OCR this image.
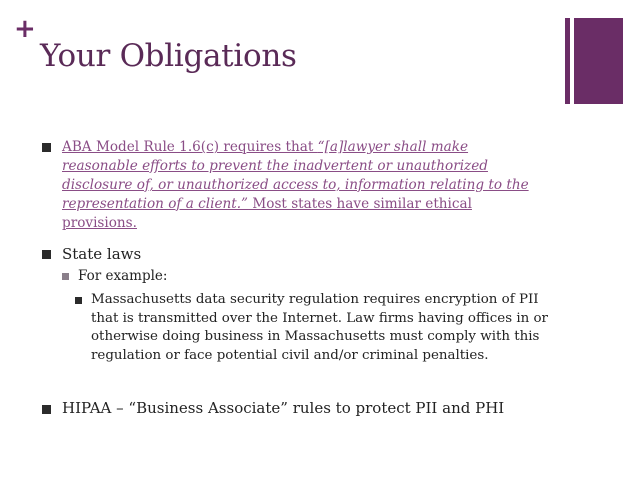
+
Your Obligations
ABA Model Rule 1.6(c) requires that “[a]lawyer shall make reasonable efforts to prevent the inadvertent or unauthorized disclosure of, or unauthorized access to, information relating to the representation of a client.” Most states have similar ethical provisions.
State laws
For example:
Massachusetts data security regulation requires encryption of PII that is transmitted over the Internet. Law firms having offices in or otherwise doing business in Massachusetts must comply with this regulation or face potential civil and/or criminal penalties.
HIPAA – “Business Associate” rules to protect PII and PHI
